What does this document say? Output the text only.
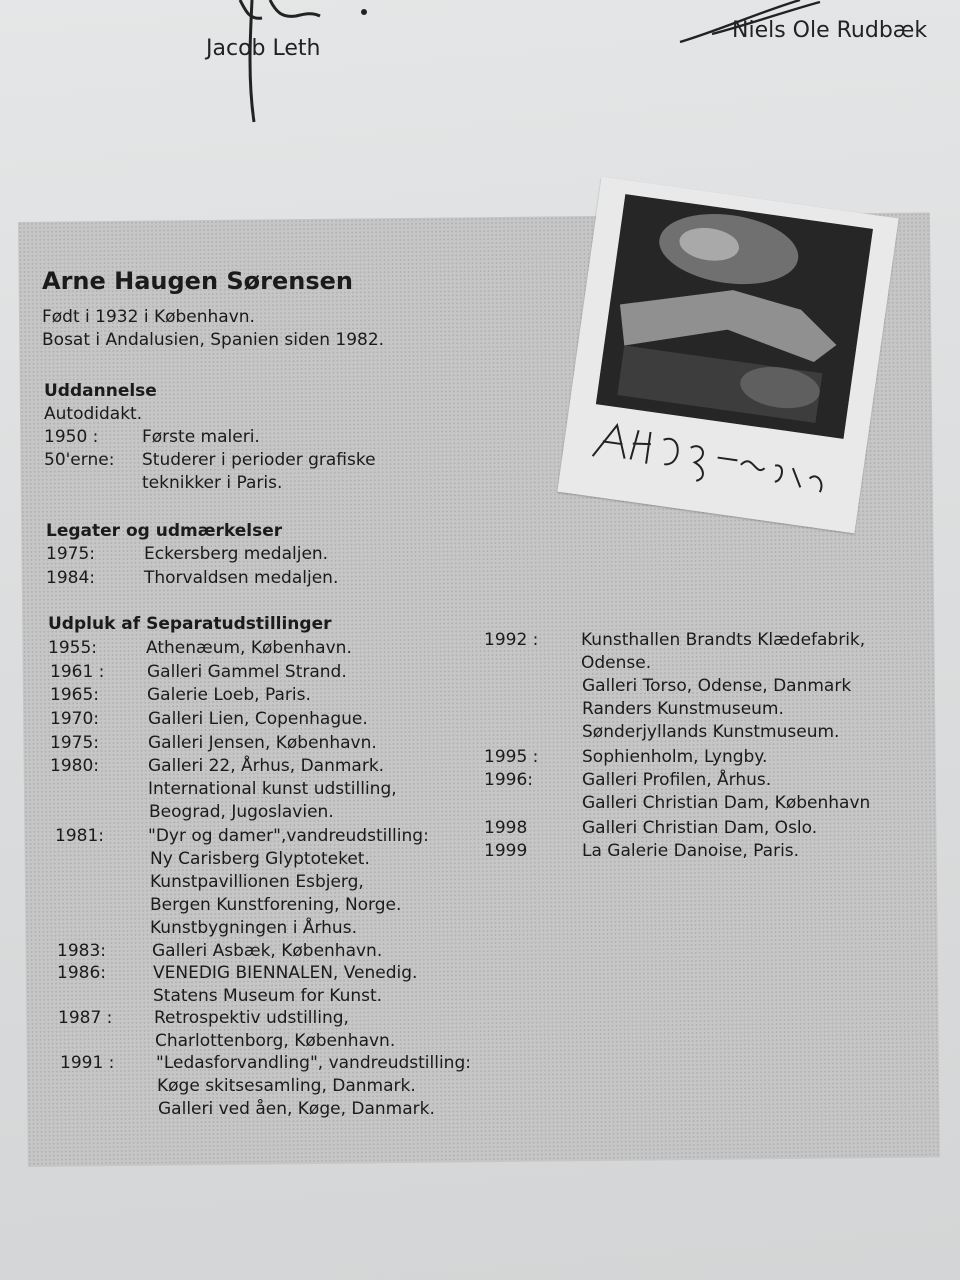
Jacob Leth
Niels Ole Rudbæk
Arne Haugen Sørensen
Født i 1932 i København.
Bosat i Andalusien, Spanien siden 1982.
Uddannelse
Autodidakt.
1950 :	Første maleri.
50'erne: Studerer i perioder grafiske
teknikker i Paris.
Legater og udmærkelser
1975:	Eckersberg medaljen.
1984:	Thorvaldsen medaljen.
Udpluk af Separatudstillinger
1955:	Athenæum, København.
1961 :	Galleri Gammel Strand.
1965:	Galerie Loeb, Paris.
1970:	Galleri Lien, Copenhague.
1975:	Galleri Jensen, København.
1980:	Galleri 22, Århus, Danmark.
International kunst udstilling,
Beograd, Jugoslavien.
1981:	"Dyr og damer",vandreudstilling:
Ny Carisberg Glyptoteket.
Kunstpavillionen Esbjerg,
Bergen Kunstforening, Norge.
Kunstbygningen i Århus.
1983:	Galleri Asbæk, København.
1986:	VENEDIG BIENNALEN, Venedig.
Statens Museum for Kunst.
1987 : Retrospektiv udstilling,
Charlottenborg, København.
1991 : "Ledasforvandling", vandreudstilling:
Køge skitsesamling, Danmark.
Galleri ved åen, Køge, Danmark.
1992 :	Kunsthallen Brandts Klædefabrik,
Odense.
Galleri Torso, Odense, Danmark
Randers Kunstmuseum.
Sønderjyllands Kunstmuseum.
1995 :	Sophienholm, Lyngby.
1996:	Galleri Profilen, Århus.
Galleri Christian Dam, København
1998	Galleri Christian Dam, Oslo.
1999	La Galerie Danoise, Paris.
